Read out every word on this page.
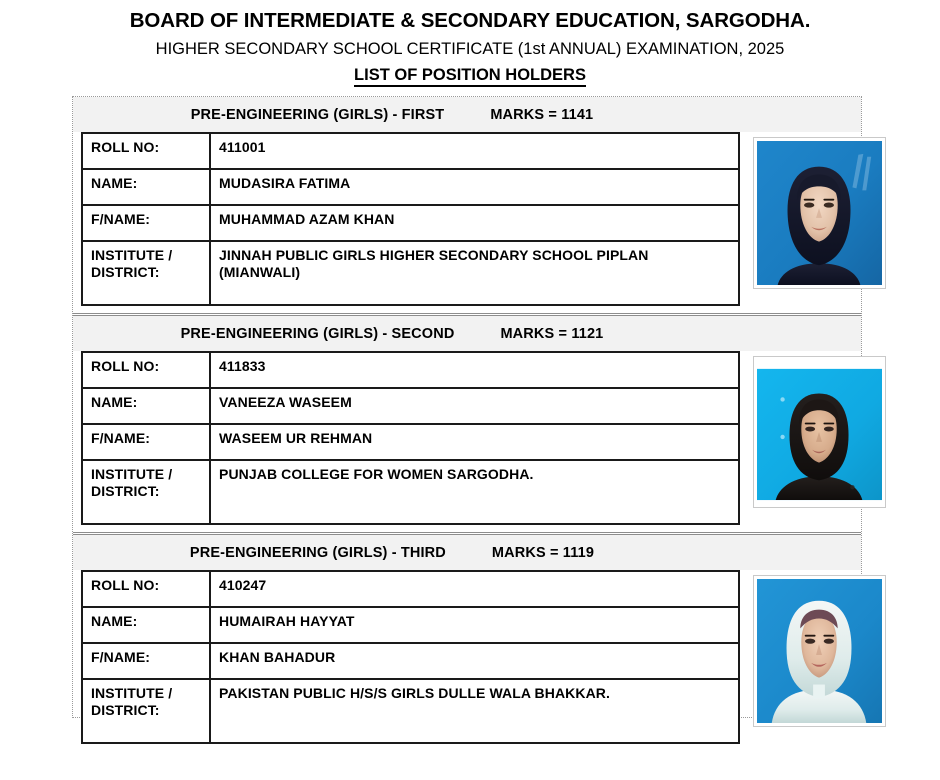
BOARD OF INTERMEDIATE & SECONDARY EDUCATION, SARGODHA.
HIGHER SECONDARY SCHOOL CERTIFICATE (1st ANNUAL) EXAMINATION, 2025
LIST OF POSITION HOLDERS
PRE-ENGINEERING (GIRLS) - FIRST	MARKS = 1141
ROLL NO:	411001
NAME:	MUDASIRA FATIMA
F/NAME:	MUHAMMAD AZAM KHAN
INSTITUTE / DISTRICT:	JINNAH PUBLIC GIRLS HIGHER SECONDARY SCHOOL PIPLAN (MIANWALI)
PRE-ENGINEERING (GIRLS) - SECOND	MARKS = 1121
ROLL NO:	411833
NAME:	VANEEZA WASEEM
F/NAME:	WASEEM UR REHMAN
INSTITUTE / DISTRICT:	PUNJAB COLLEGE FOR WOMEN SARGODHA.
PRE-ENGINEERING (GIRLS) - THIRD	MARKS = 1119
ROLL NO:	410247
NAME:	HUMAIRAH HAYYAT
F/NAME:	KHAN BAHADUR
INSTITUTE / DISTRICT:	PAKISTAN PUBLIC H/S/S GIRLS DULLE WALA BHAKKAR.
